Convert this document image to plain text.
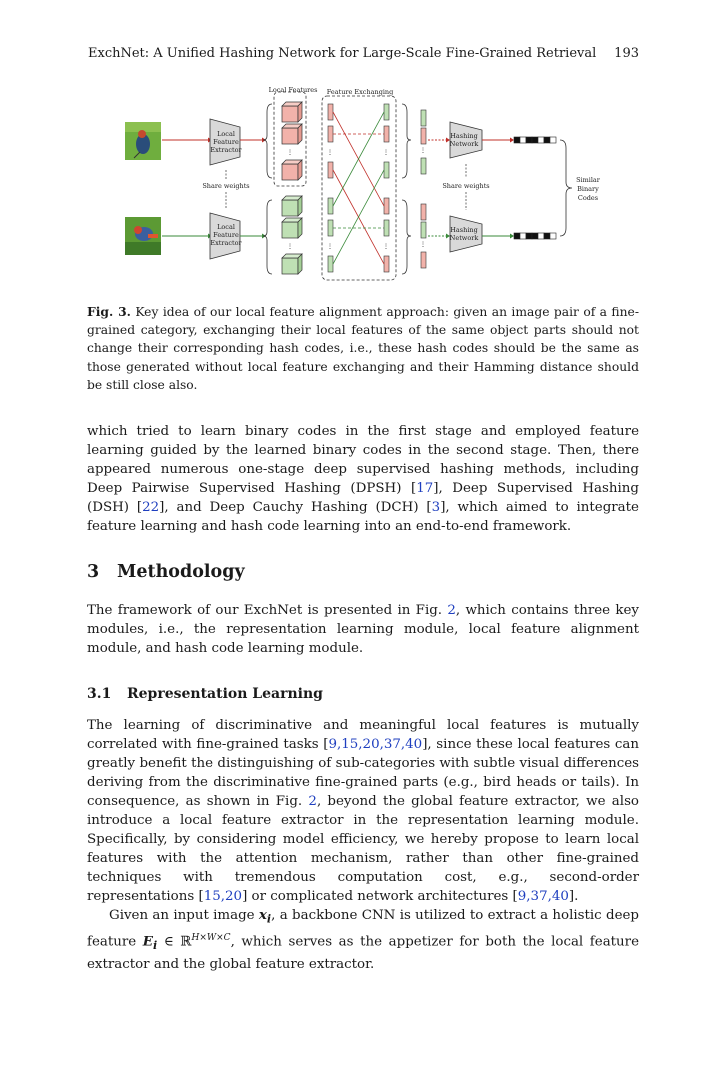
ExchNet: A Unified Hashing Network for Large-Scale Fine-Grained Retrieval 193
Local
Feature
Extractor
Local
Feature
Extractor
Share weights
Local Features
⋮
⋮
Feature Exchanging
⋮	⋮
⋮	⋮
⋮
⋮
Hashing
Network
Hashing
Network
Share weights
Similar
Binary
Codes
Fig. 3. Key idea of our local feature alignment approach: given an image pair of a fine-grained category, exchanging their local features of the same object parts should not change their corresponding hash codes, i.e., these hash codes should be the same as those generated without local feature exchanging and their Hamming distance should be still close also.

which tried to learn binary codes in the first stage and employed feature learning guided by the learned binary codes in the second stage. Then, there appeared numerous one-stage deep supervised hashing methods, including Deep Pairwise Supervised Hashing (DPSH) [17], Deep Supervised Hashing (DSH) [22], and Deep Cauchy Hashing (DCH) [3], which aimed to integrate feature learning and hash code learning into an end-to-end framework.

3 Methodology

The framework of our ExchNet is presented in Fig. 2, which contains three key modules, i.e., the representation learning module, local feature alignment module, and hash code learning module.

3.1 Representation Learning

The learning of discriminative and meaningful local features is mutually correlated with fine-grained tasks [9,15,20,37,40], since these local features can greatly benefit the distinguishing of sub-categories with subtle visual differences deriving from the discriminative fine-grained parts (e.g., bird heads or tails). In consequence, as shown in Fig. 2, beyond the global feature extractor, we also introduce a local feature extractor in the representation learning module. Specifically, by considering model efficiency, we hereby propose to learn local features with the attention mechanism, rather than other fine-grained techniques with tremendous computation cost, e.g., second-order representations [15,20] or complicated network architectures [9,37,40].

Given an input image $x_i$, a backbone CNN is utilized to extract a holistic deep feature $E_i$ ∈ ℝ$^{H\times W\times C}$, which serves as the appetizer for both the local feature extractor and the global feature extractor.
